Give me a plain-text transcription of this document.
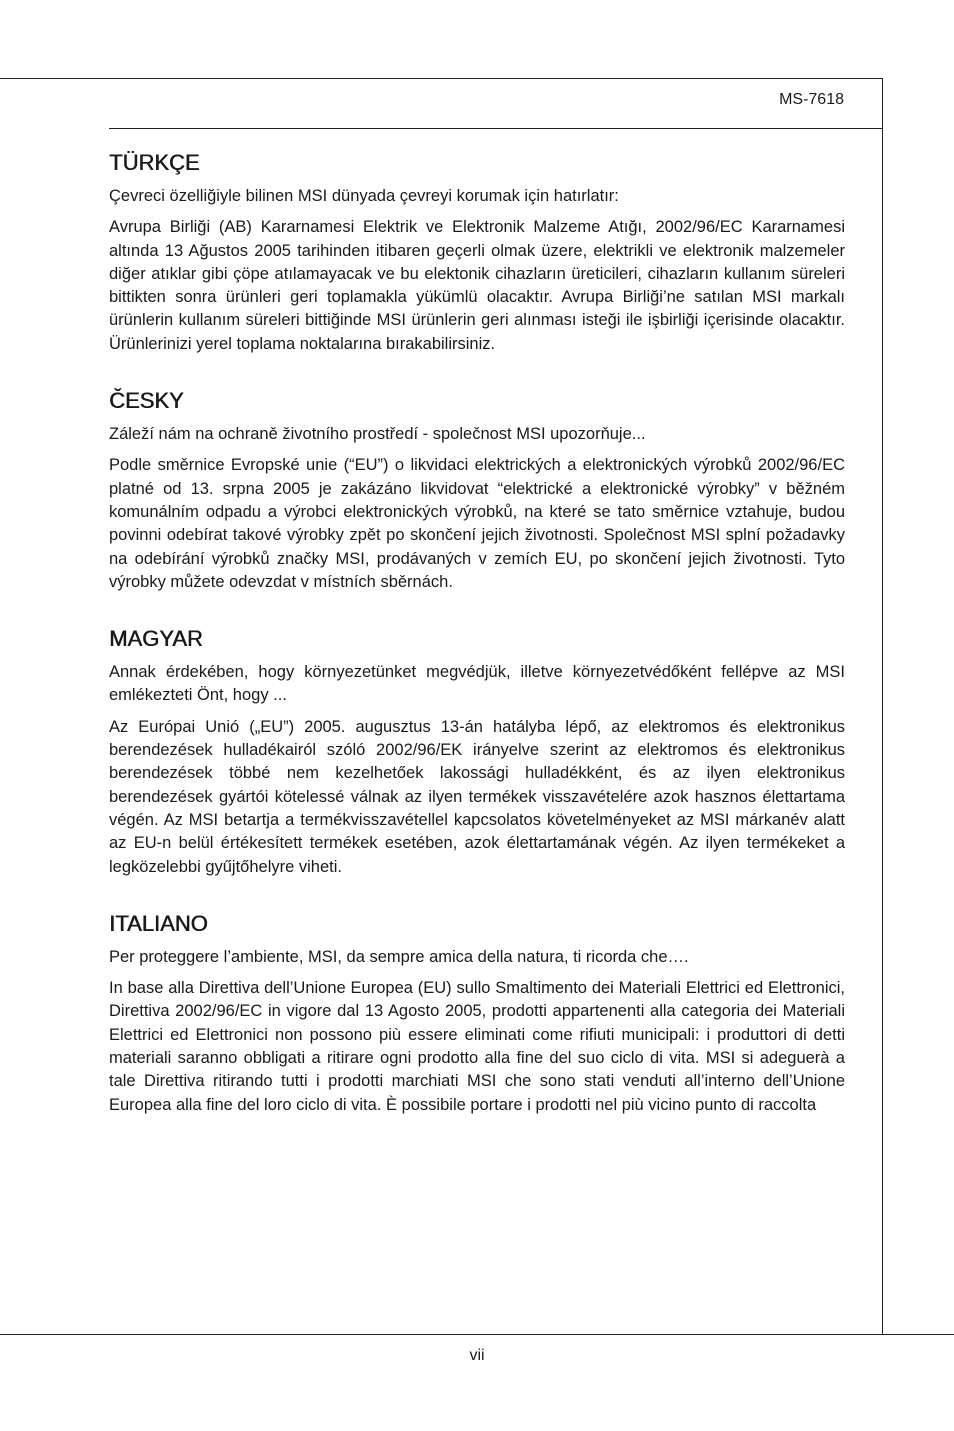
MS-7618
TÜRKÇE

Çevreci özelliğiyle bilinen MSI dünyada çevreyi korumak için hatırlatır:

Avrupa Birliği (AB) Kararnamesi Elektrik ve Elektronik Malzeme Atığı, 2002/96/EC Kararnamesi altında 13 Ağustos 2005 tarihinden itibaren geçerli olmak üzere, elektrikli ve elektronik malzemeler diğer atıklar gibi çöpe atılamayacak ve bu elektonik cihazların üreticileri, cihazların kullanım süreleri bittikten sonra ürünleri geri toplamakla yükümlü olacaktır. Avrupa Birliği’ne satılan MSI markalı ürünlerin kullanım süreleri bittiğinde MSI ürünlerin geri alınması isteği ile işbirliği içerisinde olacaktır. Ürünlerinizi yerel toplama noktalarına bırakabilirsiniz.

ČESKY

Záleží nám na ochraně životního prostředí - společnost MSI upozorňuje...

Podle směrnice Evropské unie (“EU”) o likvidaci elektrických a elektronických výrobků 2002/96/EC platné od 13. srpna 2005 je zakázáno likvidovat “elektrické a elektronické výrobky” v běžném komunálním odpadu a výrobci elektronických výrobků, na které se tato směrnice vztahuje, budou povinni odebírat takové výrobky zpět po skončení jejich životnosti. Společnost MSI splní požadavky na odebírání výrobků značky MSI, prodávaných v zemích EU, po skončení jejich životnosti. Tyto výrobky můžete odevzdat v místních sběrnách.

MAGYAR

Annak érdekében, hogy környezetünket megvédjük, illetve környezetvédőként fellépve az MSI emlékezteti Önt, hogy ...

Az Európai Unió („EU”) 2005. augusztus 13-án hatályba lépő, az elektromos és elektronikus berendezések hulladékairól szóló 2002/96/EK irányelve szerint az elektromos és elektronikus berendezések többé nem kezelhetőek lakossági hulladékként, és az ilyen elektronikus berendezések gyártói kötelessé válnak az ilyen termékek visszavételére azok hasznos élettartama végén. Az MSI betartja a termékvisszavétellel kapcsolatos követelményeket az MSI márkanév alatt az EU-n belül értékesített termékek esetében, azok élettartamának végén. Az ilyen termékeket a legközelebbi gyűjtőhelyre viheti.

ITALIANO

Per proteggere l’ambiente, MSI, da sempre amica della natura, ti ricorda che….

In base alla Direttiva dell’Unione Europea (EU) sullo Smaltimento dei Materiali Elettrici ed Elettronici, Direttiva 2002/96/EC in vigore dal 13 Agosto 2005, prodotti appartenenti alla categoria dei Materiali Elettrici ed Elettronici non possono più essere eliminati come rifiuti municipali: i produttori di detti materiali saranno obbligati a ritirare ogni prodotto alla fine del suo ciclo di vita. MSI si adeguerà a tale Direttiva ritirando tutti i prodotti marchiati MSI che sono stati venduti all’interno dell’Unione Europea alla fine del loro ciclo di vita. È possibile portare i prodotti nel più vicino punto di raccolta

vii
